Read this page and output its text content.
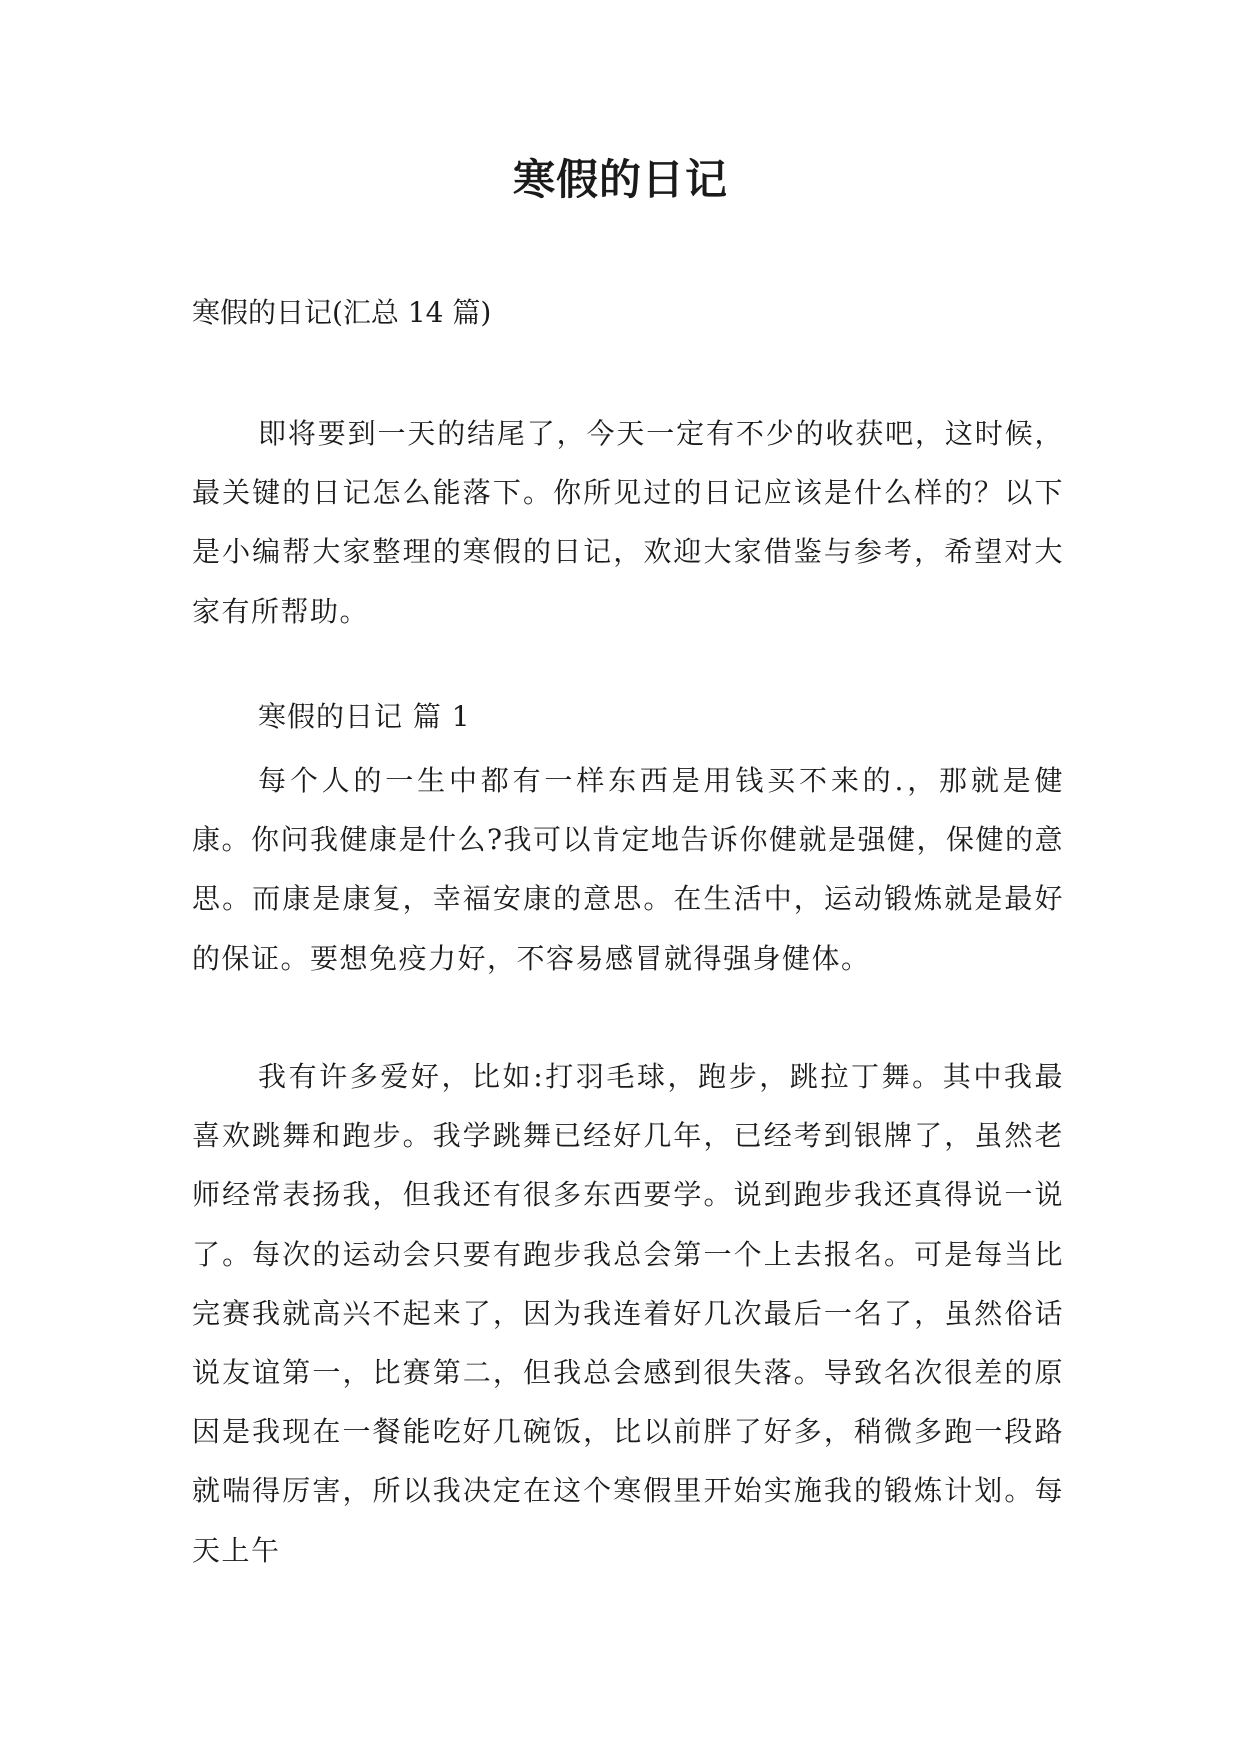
寒假的日记

寒假的日记(汇总 14 篇)

即将要到一天的结尾了，今天一定有不少的收获吧，这时候，最关键的日记怎么能落下。你所见过的日记应该是什么样的？以下是小编帮大家整理的寒假的日记，欢迎大家借鉴与参考，希望对大家有所帮助。

寒假的日记 篇 1

每个人的一生中都有一样东西是用钱买不来的.，那就是健康。你问我健康是什么?我可以肯定地告诉你健就是强健，保健的意思。而康是康复，幸福安康的意思。在生活中，运动锻炼就是最好的保证。要想免疫力好，不容易感冒就得强身健体。

我有许多爱好，比如:打羽毛球，跑步，跳拉丁舞。其中我最喜欢跳舞和跑步。我学跳舞已经好几年，已经考到银牌了，虽然老师经常表扬我，但我还有很多东西要学。说到跑步我还真得说一说了。每次的运动会只要有跑步我总会第一个上去报名。可是每当比完赛我就高兴不起来了，因为我连着好几次最后一名了，虽然俗话说友谊第一，比赛第二，但我总会感到很失落。导致名次很差的原因是我现在一餐能吃好几碗饭，比以前胖了好多，稍微多跑一段路就喘得厉害，所以我决定在这个寒假里开始实施我的锻炼计划。每天上午
